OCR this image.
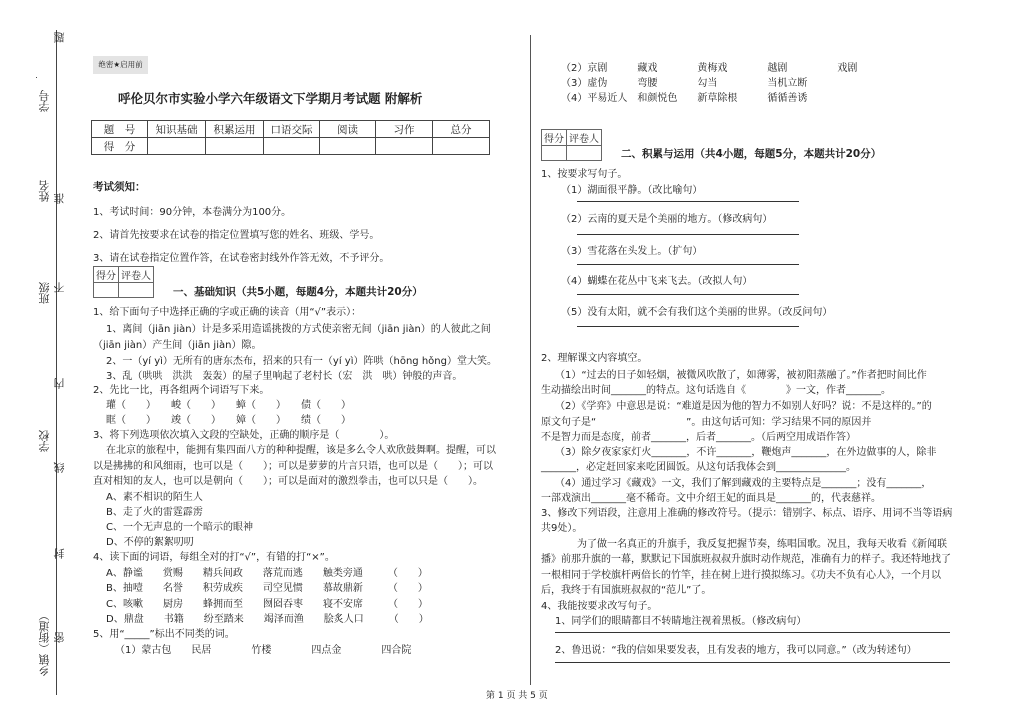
题
学号
姓名 准
班级 不
内
学校
线
封
乡镇（街道） 密
绝密★启用前
呼伦贝尔市实验小学六年级语文下学期月考试题 附解析
题　号	知识基础	积累运用	口语交际	阅读	习作	总分
得　分						
考试须知：
1、考试时间：90分钟，本卷满分为100分。
2、请首先按要求在试卷的指定位置填写您的姓名、班级、学号。
3、请在试卷指定位置作答，在试卷密封线外作答无效，不予评分。
得分	评卷人

一、基础知识（共5小题，每题4分，本题共计20分）
1、给下面句子中选择正确的字或正确的读音（用“√”表示）：
1、离间（jiān jiàn）计是多采用造谣挑拨的方式使亲密无间（jiān jiàn）的人彼此之间
（jiān jiàn）产生间（jiān jiàn）隙。
2、一（yí yì）无所有的唐东杰布，招来的只有一（yí yì）阵哄（hōng hǒng）堂大笑。
3、乱（哄哄　洪洪　轰轰）的屋子里响起了老村长（宏　洪　哄）钟般的声音。
2、先比一比，再各组两个词语写下来。
瓘（　　）　　峻（　　）　　蟑（　　）　　债（　　）
眶（　　）　　竣（　　）　　嫜（　　）　　绩（　　）
3、将下列选项依次填入文段的空缺处，正确的顺序是（　　　　）。
在北京的旅程中，能拥有集四面八方的种种提醒，该是多么令人欢欣鼓舞啊。提醒，可以
以是拂拂的和风细雨，也可以是（　　）；可以是萝萝的片言只语，也可以是（　　）；可以
直对相知的友人，也可以是朝向（　　）；可以是面对的激烈拳击，也可以只是（　　）。
A、素不相识的陌生人
B、走了火的雷霆霹雳
C、一个无声息的一个暗示的眼神
D、不停的絮絮叨叨
4、读下面的词语，每组全对的打“√”，有错的打“×”。
A、静谧　　赏赐　　精兵间政　　落荒而逃　　触类旁通　　　（　　）
B、抽噎　　名誉　　积劳成疾　　司空见惯　　慕故鼎新　　　（　　）
C、咳嗽　　厨房　　蜂拥而至　　囫囵吞枣　　寝不安席　　　（　　）
D、鼎盘　　书籍　　纷至踏来　　竭泽而渔　　脍炙人口　　　（　　）
5、用“_____”标出不同类的词。
（1）蒙古包　　民居　　　　竹楼　　　　四点金　　　　四合院
（2）京剧　　　藏戏　　　　黄梅戏　　　　越剧　　　　　戏剧
（3）虚伪　　　弯腰　　　　勾当　　　　　当机立断
（4）平易近人　和颜悦色　　新草除根　　　循循善诱
得分	评卷人

二、积累与运用（共4小题，每题5分，本题共计20分）
1、按要求写句子。
（1）湖面很平静。（改比喻句）
（2）云南的夏天是个美丽的地方。（修改病句）
（3）雪花落在头发上。（扩句）
（4）蝴蝶在花丛中飞来飞去。（改拟人句）
（5）没有太阳，就不会有我们这个美丽的世界。（改反问句）
2、理解课文内容填空。
（1）“过去的日子如轻烟，被微风吹散了，如薄雾，被初阳蒸融了。”作者把时间比作
生动描绘出时间_______的特点。这句话选自《　　　　》一文，作者_______。
（2）《学弈》中意思是说：“难道是因为他的智力不如别人好吗？说：不是这样的。”的
原文句子是“　　　　　　　　　”。由这句话可知：学习结果不同的原因并
不是智力而是态度，前者_______，后者_______。（后两空用成语作答）
（3）除夕夜家家灯火_______，不许_______，鞭炮声_______，在外边做事的人，除非
_______，必定赶回家来吃团圆饭。从这句话我体会到______________。
（4）通过学习《藏戏》一文，我们了解到藏戏的主要特点是_______；没有_______，
一部戏演出_______毫不稀奇。文中介绍王妃的面具是_______的，代表慈祥。
3、修改下列语段，注意用上准确的修改符号。（提示：错别字、标点、语序、用词不当等语病
共9处）。
为了做一名真正的升旗手，我反复把握节奏，练唱国歌。况且，我每天收看《新闻联
播》前那升旗的一幕，默默记下国旗班叔叔升旗时动作规范，准确有力的样子。我还特地找了
一根相同于学校旗杆两倍长的竹竿，挂在树上进行摸拟练习。《功夫不负有心人》，一个月以
后，我终于有国旗班叔叔的“范儿”了。
4、我能按要求改写句子。
1、同学们的眼睛都目不转睛地注视着黑板。（修改病句）
2、鲁迅说：“我的信如果要发表，且有发表的地方，我可以同意。”（改为转述句）
第 1 页 共 5 页
